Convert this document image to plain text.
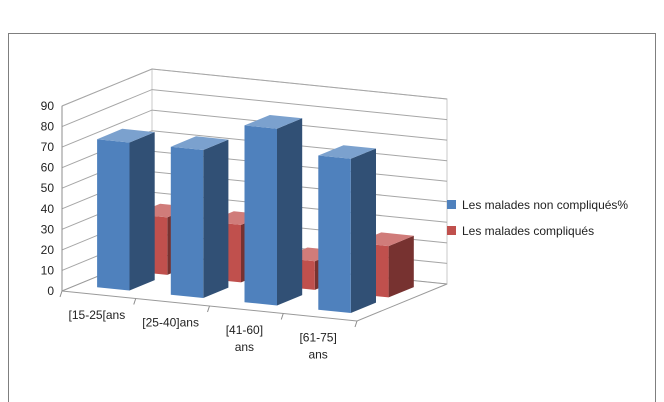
0
10
20
30
40
50
60
70
80
90
[15-25[ans
[25-40]ans
[41-60] ans
[61-75] ans
Les malades non compliqués%
Les malades compliqués
